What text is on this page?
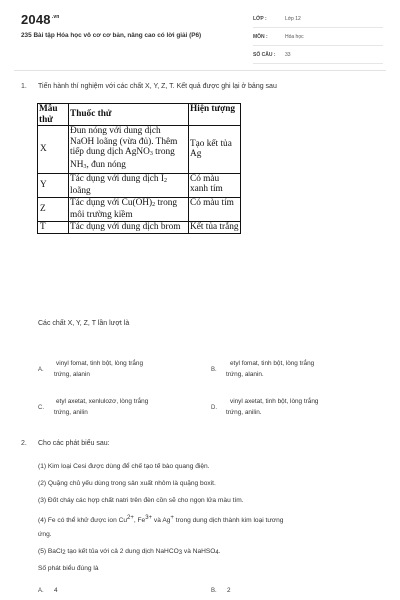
$2048^{.vn}$
235 Bài tập Hóa học vô cơ cơ bản, nâng cao có lời giải (P6)
LỚP :	Lớp 12
MÔN :	Hóa học
SỐ CÂU : 33
1. Tiến hành thí nghiệm với các chất X, Y, Z, T. Kết quả được ghi lại ở bảng sau
Mẫu thử	Thuốc thử	Hiện tượng
X	Đun nóng với dung dịch NaOH loãng (vừa đủ). Thêm tiếp dung dịch AgNO3 trong NH3, đun nóng	Tạo kết tủa Ag
Y	Tác dụng với dung dịch I2 loãng	Có màu xanh tím
Z	Tác dụng với Cu(OH)2 trong môi trường kiềm	Có màu tím
T	Tác dụng với dung dịch brom	Kết tủa trắng
Các chất X, Y, Z, T lần lượt là
A.
vinyl fomat, tinh bột, lòng trắng
trứng, alanin
B.
etyl fomat, tinh bột, lòng trắng
trứng, alanin.
C.
etyl axetat, xenlulozơ, lòng trắng
trứng, anilin
D.
vinyl axetat, tinh bột, lòng trắng
trứng, anilin.
2. Cho các phát biểu sau:
(1) Kim loại Cesi được dùng để chế tạo tế bào quang điện.
(2) Quặng chủ yếu dùng trong sản xuất nhôm là quặng boxit.
(3) Đốt cháy các hợp chất natri trên đèn cồn sẽ cho ngọn lửa màu tím.
(4) Fe có thể khử được ion Cu2+, Fe3+ và Ag+ trong dung dịch thành kim loại tương
ứng.
(5) BaCl2 tạo kết tủa với cả 2 dung dịch NaHCO3 và NaHSO4.
Số phát biểu đúng là
A. 4	B. 2
